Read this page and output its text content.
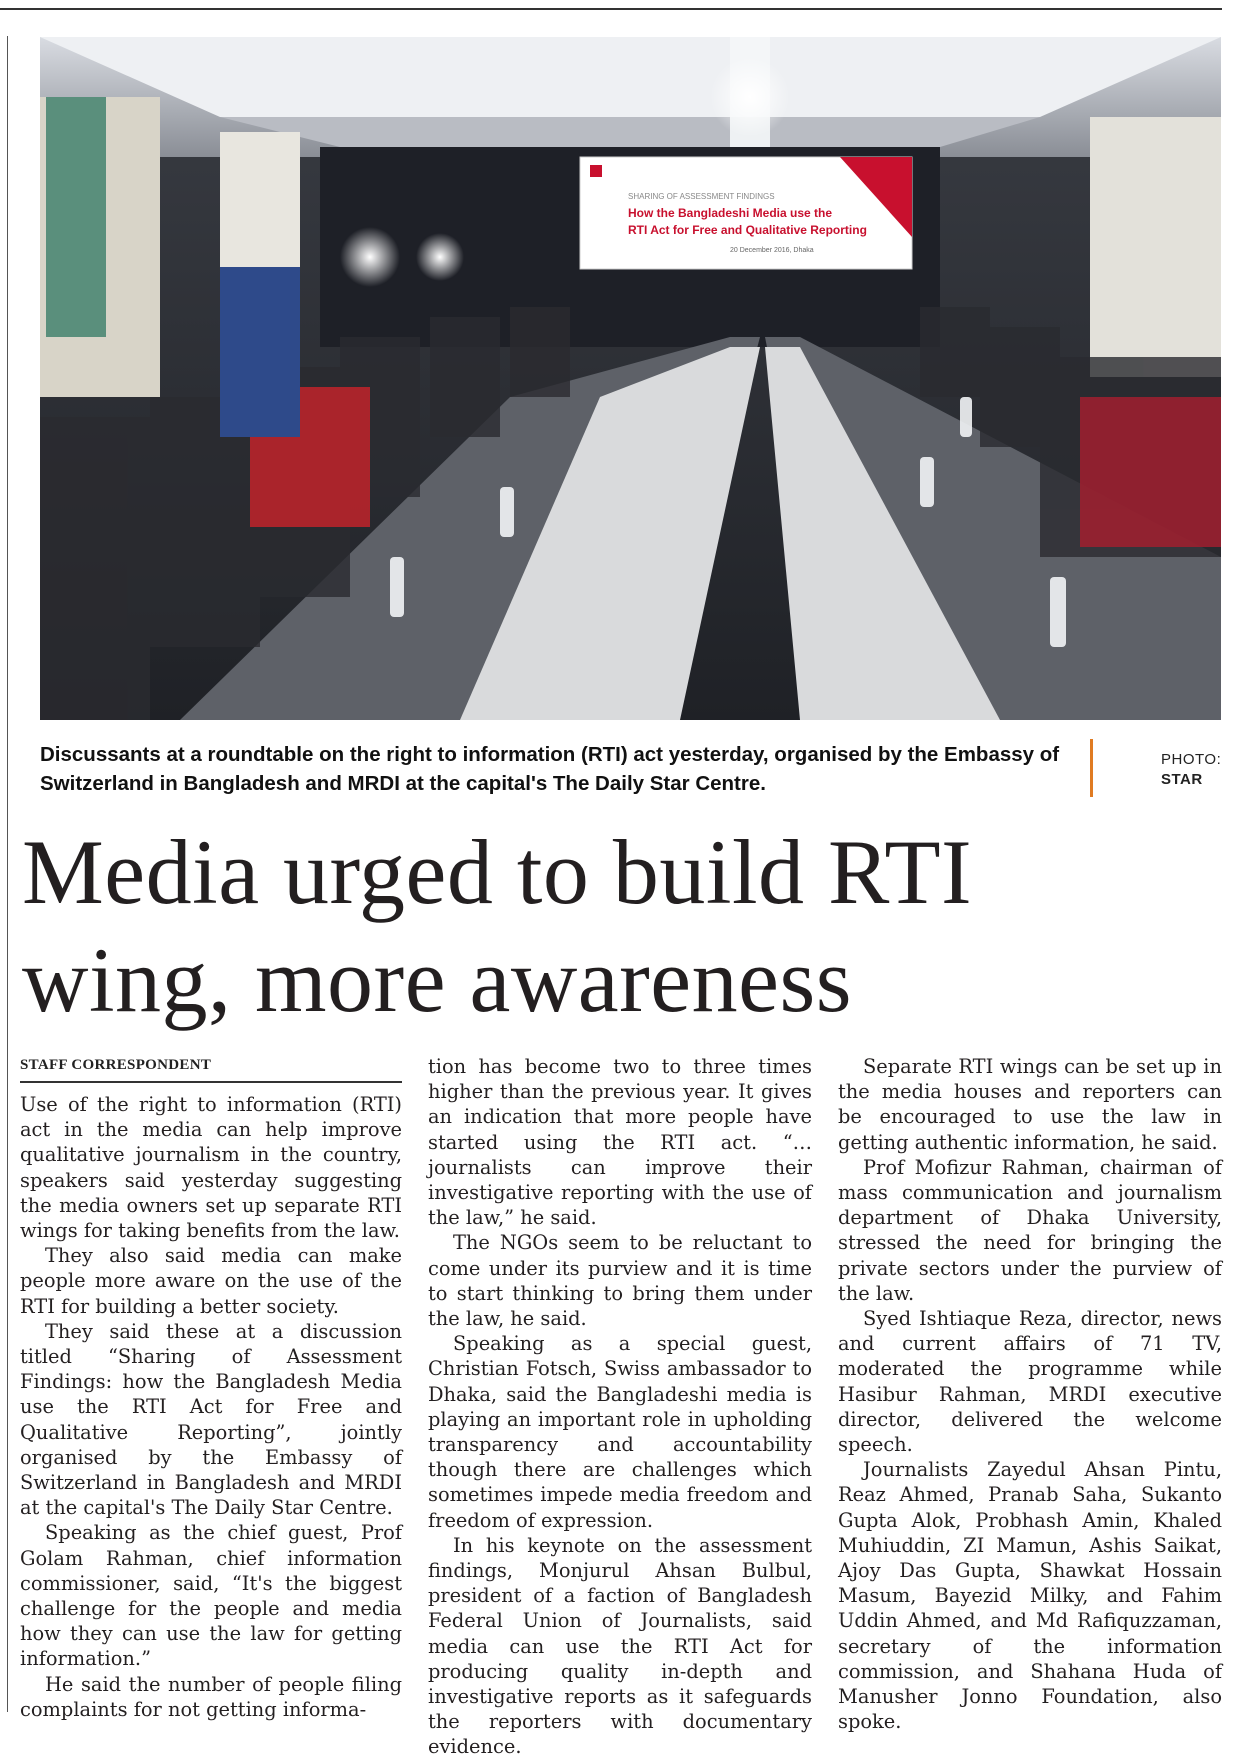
SHARING OF ASSESSMENT FINDINGS
How the Bangladeshi Media use the
RTI Act for Free and Qualitative Reporting
20 December 2016, Dhaka
Discussants at a roundtable on the right to information (RTI) act yesterday, organised by the Embassy of Switzerland in Bangladesh and MRDI at the capital's The Daily Star Centre.
PHOTO:
STAR
Media urged to build RTI
wing, more awareness
STAFF CORRESPONDENT

Use of the right to information (RTI) act in the media can help improve qualitative journalism in the country, speakers said yesterday suggesting the media owners set up separate RTI wings for taking benefits from the law.

They also said media can make people more aware on the use of the RTI for building a better society.

They said these at a discussion titled “Sharing of Assessment Findings: how the Bangladesh Media use the RTI Act for Free and Qualitative Reporting”, jointly organised by the Embassy of Switzerland in Bangladesh and MRDI at the capital's The Daily Star Centre.

Speaking as the chief guest, Prof Golam Rahman, chief information commissioner, said, “It's the biggest challenge for the people and media how they can use the law for getting information.”

He said the number of people filing complaints for not getting informa-

tion has become two to three times higher than the previous year. It gives an indication that more people have started using the RTI act. “…journalists can improve their investigative reporting with the use of the law,” he said.

The NGOs seem to be reluctant to come under its purview and it is time to start thinking to bring them under the law, he said.

Speaking as a special guest, Christian Fotsch, Swiss ambassador to Dhaka, said the Bangladeshi media is playing an important role in upholding transparency and accountability though there are challenges which sometimes impede media freedom and freedom of expression.

In his keynote on the assessment findings, Monjurul Ahsan Bulbul, president of a faction of Bangladesh Federal Union of Journalists, said media can use the RTI Act for producing quality in-depth and investigative reports as it safeguards the reporters with documentary evidence.

Separate RTI wings can be set up in the media houses and reporters can be encouraged to use the law in getting authentic information, he said.

Prof Mofizur Rahman, chairman of mass communication and journalism department of Dhaka University, stressed the need for bringing the private sectors under the purview of the law.

Syed Ishtiaque Reza, director, news and current affairs of 71 TV, moderated the programme while Hasibur Rahman, MRDI executive director, delivered the welcome speech.

Journalists Zayedul Ahsan Pintu, Reaz Ahmed, Pranab Saha, Sukanto Gupta Alok, Probhash Amin, Khaled Muhiuddin, ZI Mamun, Ashis Saikat, Ajoy Das Gupta, Shawkat Hossain Masum, Bayezid Milky, and Fahim Uddin Ahmed, and Md Rafiquzzaman, secretary of the information commission, and Shahana Huda of Manusher Jonno Foundation, also spoke.
